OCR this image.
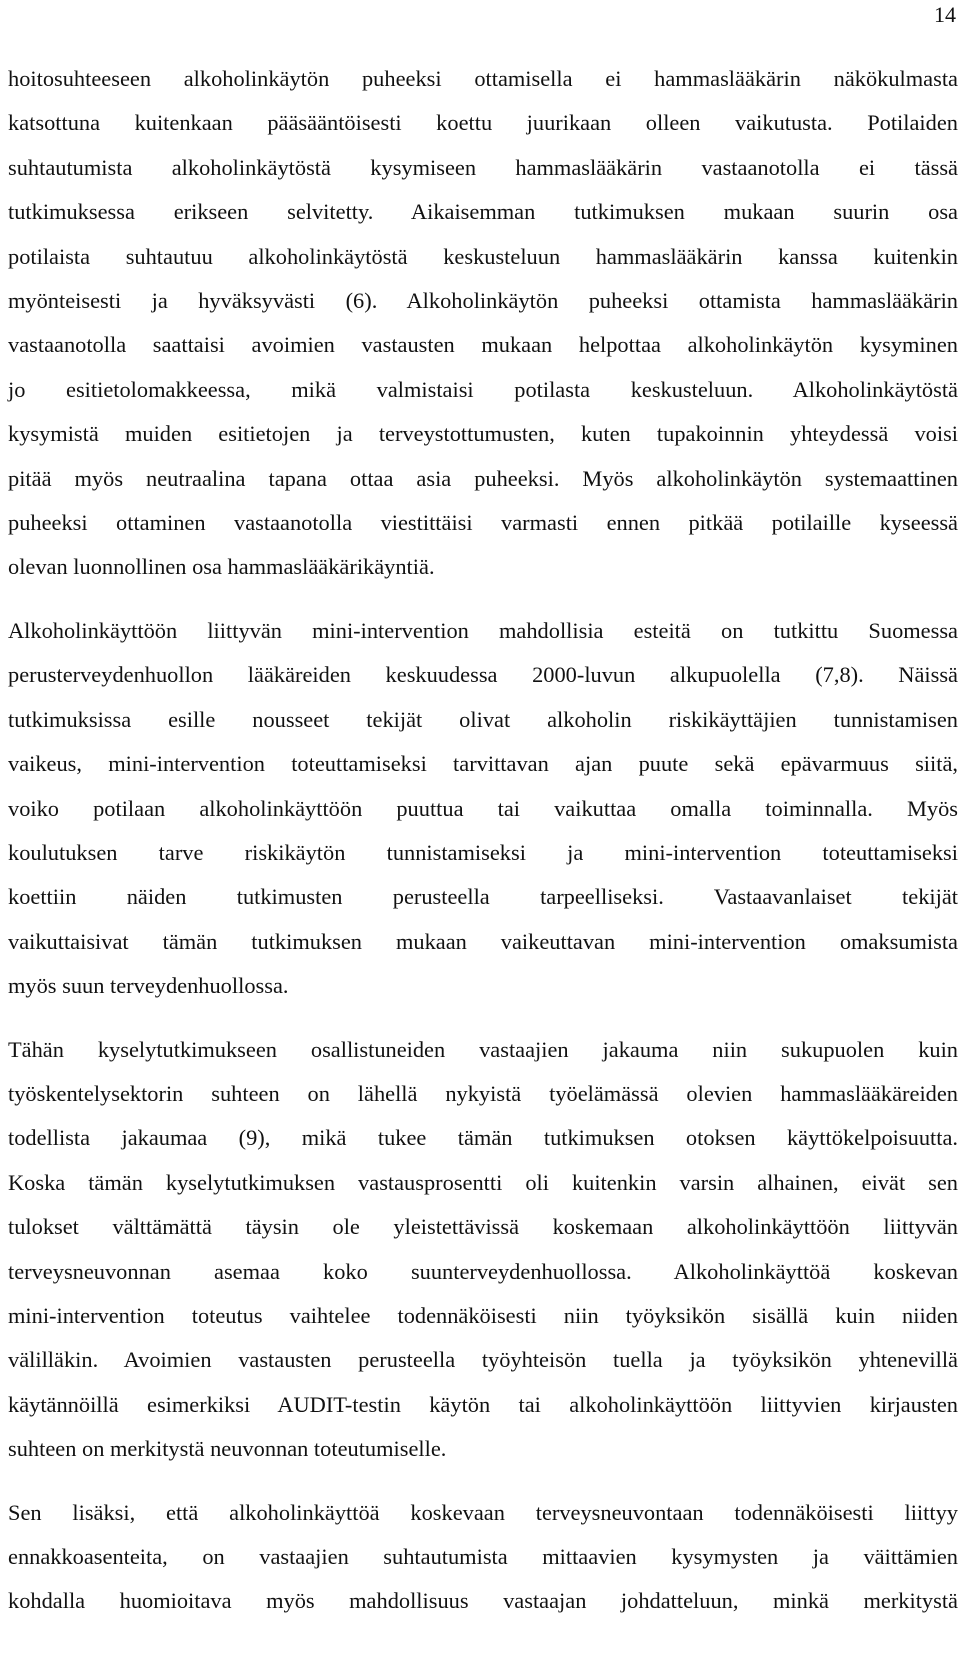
14

hoitosuhteeseen alkoholinkäytön puheeksi ottamisella ei hammaslääkärin näkökulmasta
katsottuna kuitenkaan pääsääntöisesti koettu juurikaan olleen vaikutusta. Potilaiden
suhtautumista alkoholinkäytöstä kysymiseen hammaslääkärin vastaanotolla ei tässä
tutkimuksessa erikseen selvitetty. Aikaisemman tutkimuksen mukaan suurin osa
potilaista suhtautuu alkoholinkäytöstä keskusteluun hammaslääkärin kanssa kuitenkin
myönteisesti ja hyväksyvästi (6). Alkoholinkäytön puheeksi ottamista hammaslääkärin
vastaanotolla saattaisi avoimien vastausten mukaan helpottaa alkoholinkäytön kysyminen
jo esitietolomakkeessa, mikä valmistaisi potilasta keskusteluun. Alkoholinkäytöstä
kysymistä muiden esitietojen ja terveystottumusten, kuten tupakoinnin yhteydessä voisi
pitää myös neutraalina tapana ottaa asia puheeksi. Myös alkoholinkäytön systemaattinen
puheeksi ottaminen vastaanotolla viestittäisi varmasti ennen pitkää potilaille kyseessä
olevan luonnollinen osa hammaslääkärikäyntiä.

Alkoholinkäyttöön liittyvän mini-intervention mahdollisia esteitä on tutkittu Suomessa
perusterveydenhuollon lääkäreiden keskuudessa 2000-luvun alkupuolella (7,8). Näissä
tutkimuksissa esille nousseet tekijät olivat alkoholin riskikäyttäjien tunnistamisen
vaikeus, mini-intervention toteuttamiseksi tarvittavan ajan puute sekä epävarmuus siitä,
voiko potilaan alkoholinkäyttöön puuttua tai vaikuttaa omalla toiminnalla. Myös
koulutuksen tarve riskikäytön tunnistamiseksi ja mini-intervention toteuttamiseksi
koettiin näiden tutkimusten perusteella tarpeelliseksi. Vastaavanlaiset tekijät
vaikuttaisivat tämän tutkimuksen mukaan vaikeuttavan mini-intervention omaksumista
myös suun terveydenhuollossa.

Tähän kyselytutkimukseen osallistuneiden vastaajien jakauma niin sukupuolen kuin
työskentelysektorin suhteen on lähellä nykyistä työelämässä olevien hammaslääkäreiden
todellista jakaumaa (9), mikä tukee tämän tutkimuksen otoksen käyttökelpoisuutta.
Koska tämän kyselytutkimuksen vastausprosentti oli kuitenkin varsin alhainen, eivät sen
tulokset välttämättä täysin ole yleistettävissä koskemaan alkoholinkäyttöön liittyvän
terveysneuvonnan asemaa koko suunterveydenhuollossa. Alkoholinkäyttöä koskevan
mini-intervention toteutus vaihtelee todennäköisesti niin työyksikön sisällä kuin niiden
välilläkin. Avoimien vastausten perusteella työyhteisön tuella ja työyksikön yhtenevillä
käytännöillä esimerkiksi AUDIT-testin käytön tai alkoholinkäyttöön liittyvien kirjausten
suhteen on merkitystä neuvonnan toteutumiselle.

Sen lisäksi, että alkoholinkäyttöä koskevaan terveysneuvontaan todennäköisesti liittyy
ennakkoasenteita, on vastaajien suhtautumista mittaavien kysymysten ja väittämien
kohdalla huomioitava myös mahdollisuus vastaajan johdatteluun, minkä merkitystä
